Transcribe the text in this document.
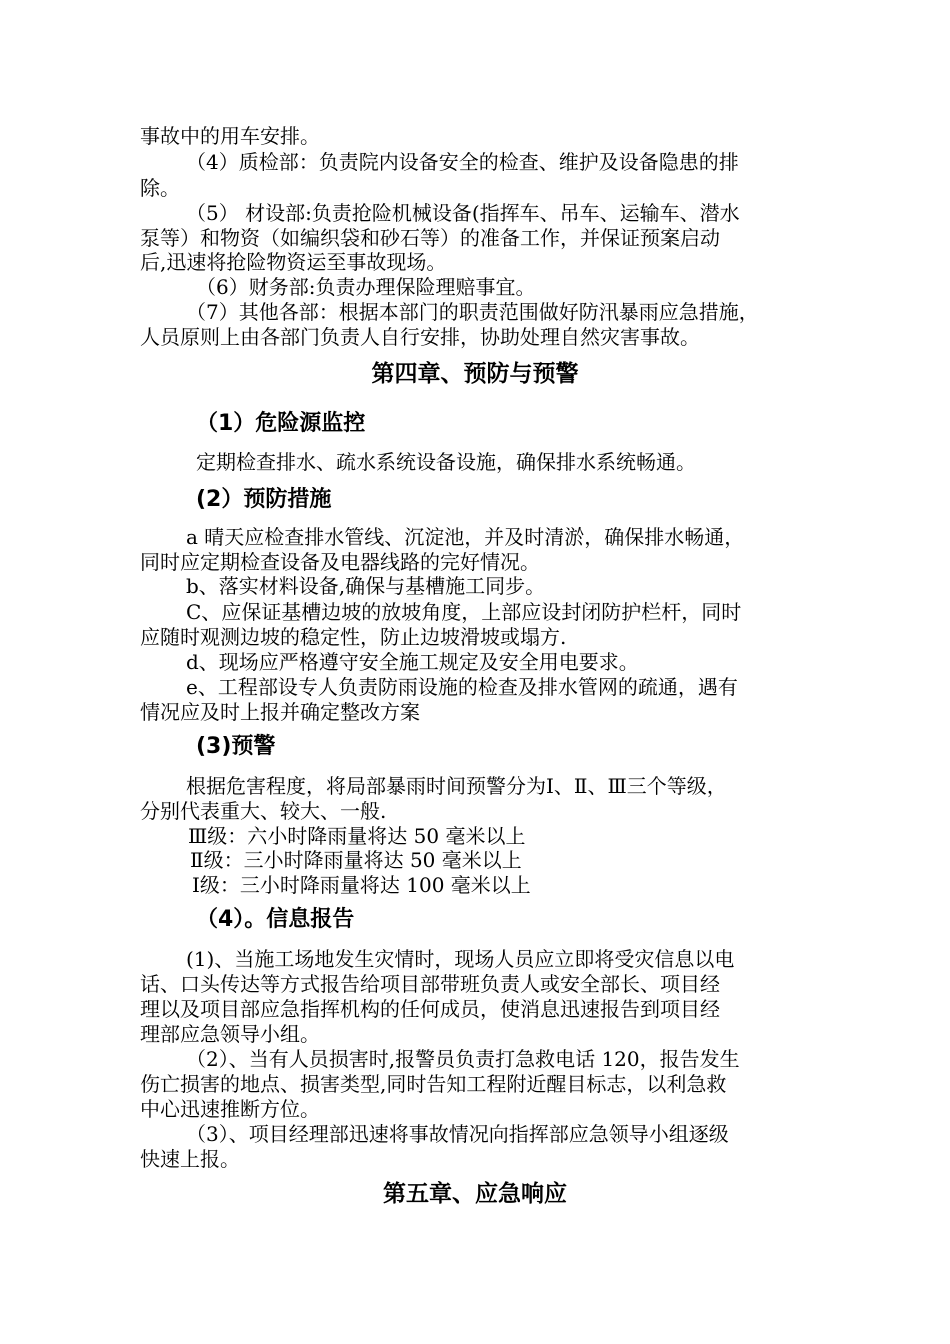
事故中的用车安排。

（4）质检部：负责院内设备安全的检查、维护及设备隐患的排

除。

（5） 材设部:负责抢险机械设备(指挥车、吊车、运输车、潜水

泵等）和物资（如编织袋和砂石等）的准备工作，并保证预案启动

后,迅速将抢险物资运至事故现场。

（6）财务部:负责办理保险理赔事宜。

（7）其他各部：根据本部门的职责范围做好防汛暴雨应急措施，

人员原则上由各部门负责人自行安排，协助处理自然灾害事故。

第四章、预防与预警
（1）危险源监控

定期检查排水、疏水系统设备设施，确保排水系统畅通。

(2）预防措施

a 晴天应检查排水管线、沉淀池，并及时清淤，确保排水畅通，

同时应定期检查设备及电器线路的完好情况。

b、落实材料设备,确保与基槽施工同步。

C、应保证基槽边坡的放坡角度，上部应设封闭防护栏杆，同时

应随时观测边坡的稳定性，防止边坡滑坡或塌方.

d、现场应严格遵守安全施工规定及安全用电要求。

e、工程部设专人负责防雨设施的检查及排水管网的疏通，遇有

情况应及时上报并确定整改方案

(3)预警

根据危害程度，将局部暴雨时间预警分为Ⅰ、Ⅱ、Ⅲ三个等级，

分别代表重大、较大、一般.

Ⅲ级：六小时降雨量将达 50 毫米以上

Ⅱ级：三小时降雨量将达 50 毫米以上

Ⅰ级：三小时降雨量将达 100 毫米以上

（4）。信息报告

(1)、当施工场地发生灾情时，现场人员应立即将受灾信息以电

话、口头传达等方式报告给项目部带班负责人或安全部长、项目经

理以及项目部应急指挥机构的任何成员，使消息迅速报告到项目经

理部应急领导小组。

（2）、当有人员损害时,报警员负责打急救电话 120，报告发生

伤亡损害的地点、损害类型,同时告知工程附近醒目标志，以利急救

中心迅速推断方位。

（3）、项目经理部迅速将事故情况向指挥部应急领导小组逐级

快速上报。

第五章、应急响应
